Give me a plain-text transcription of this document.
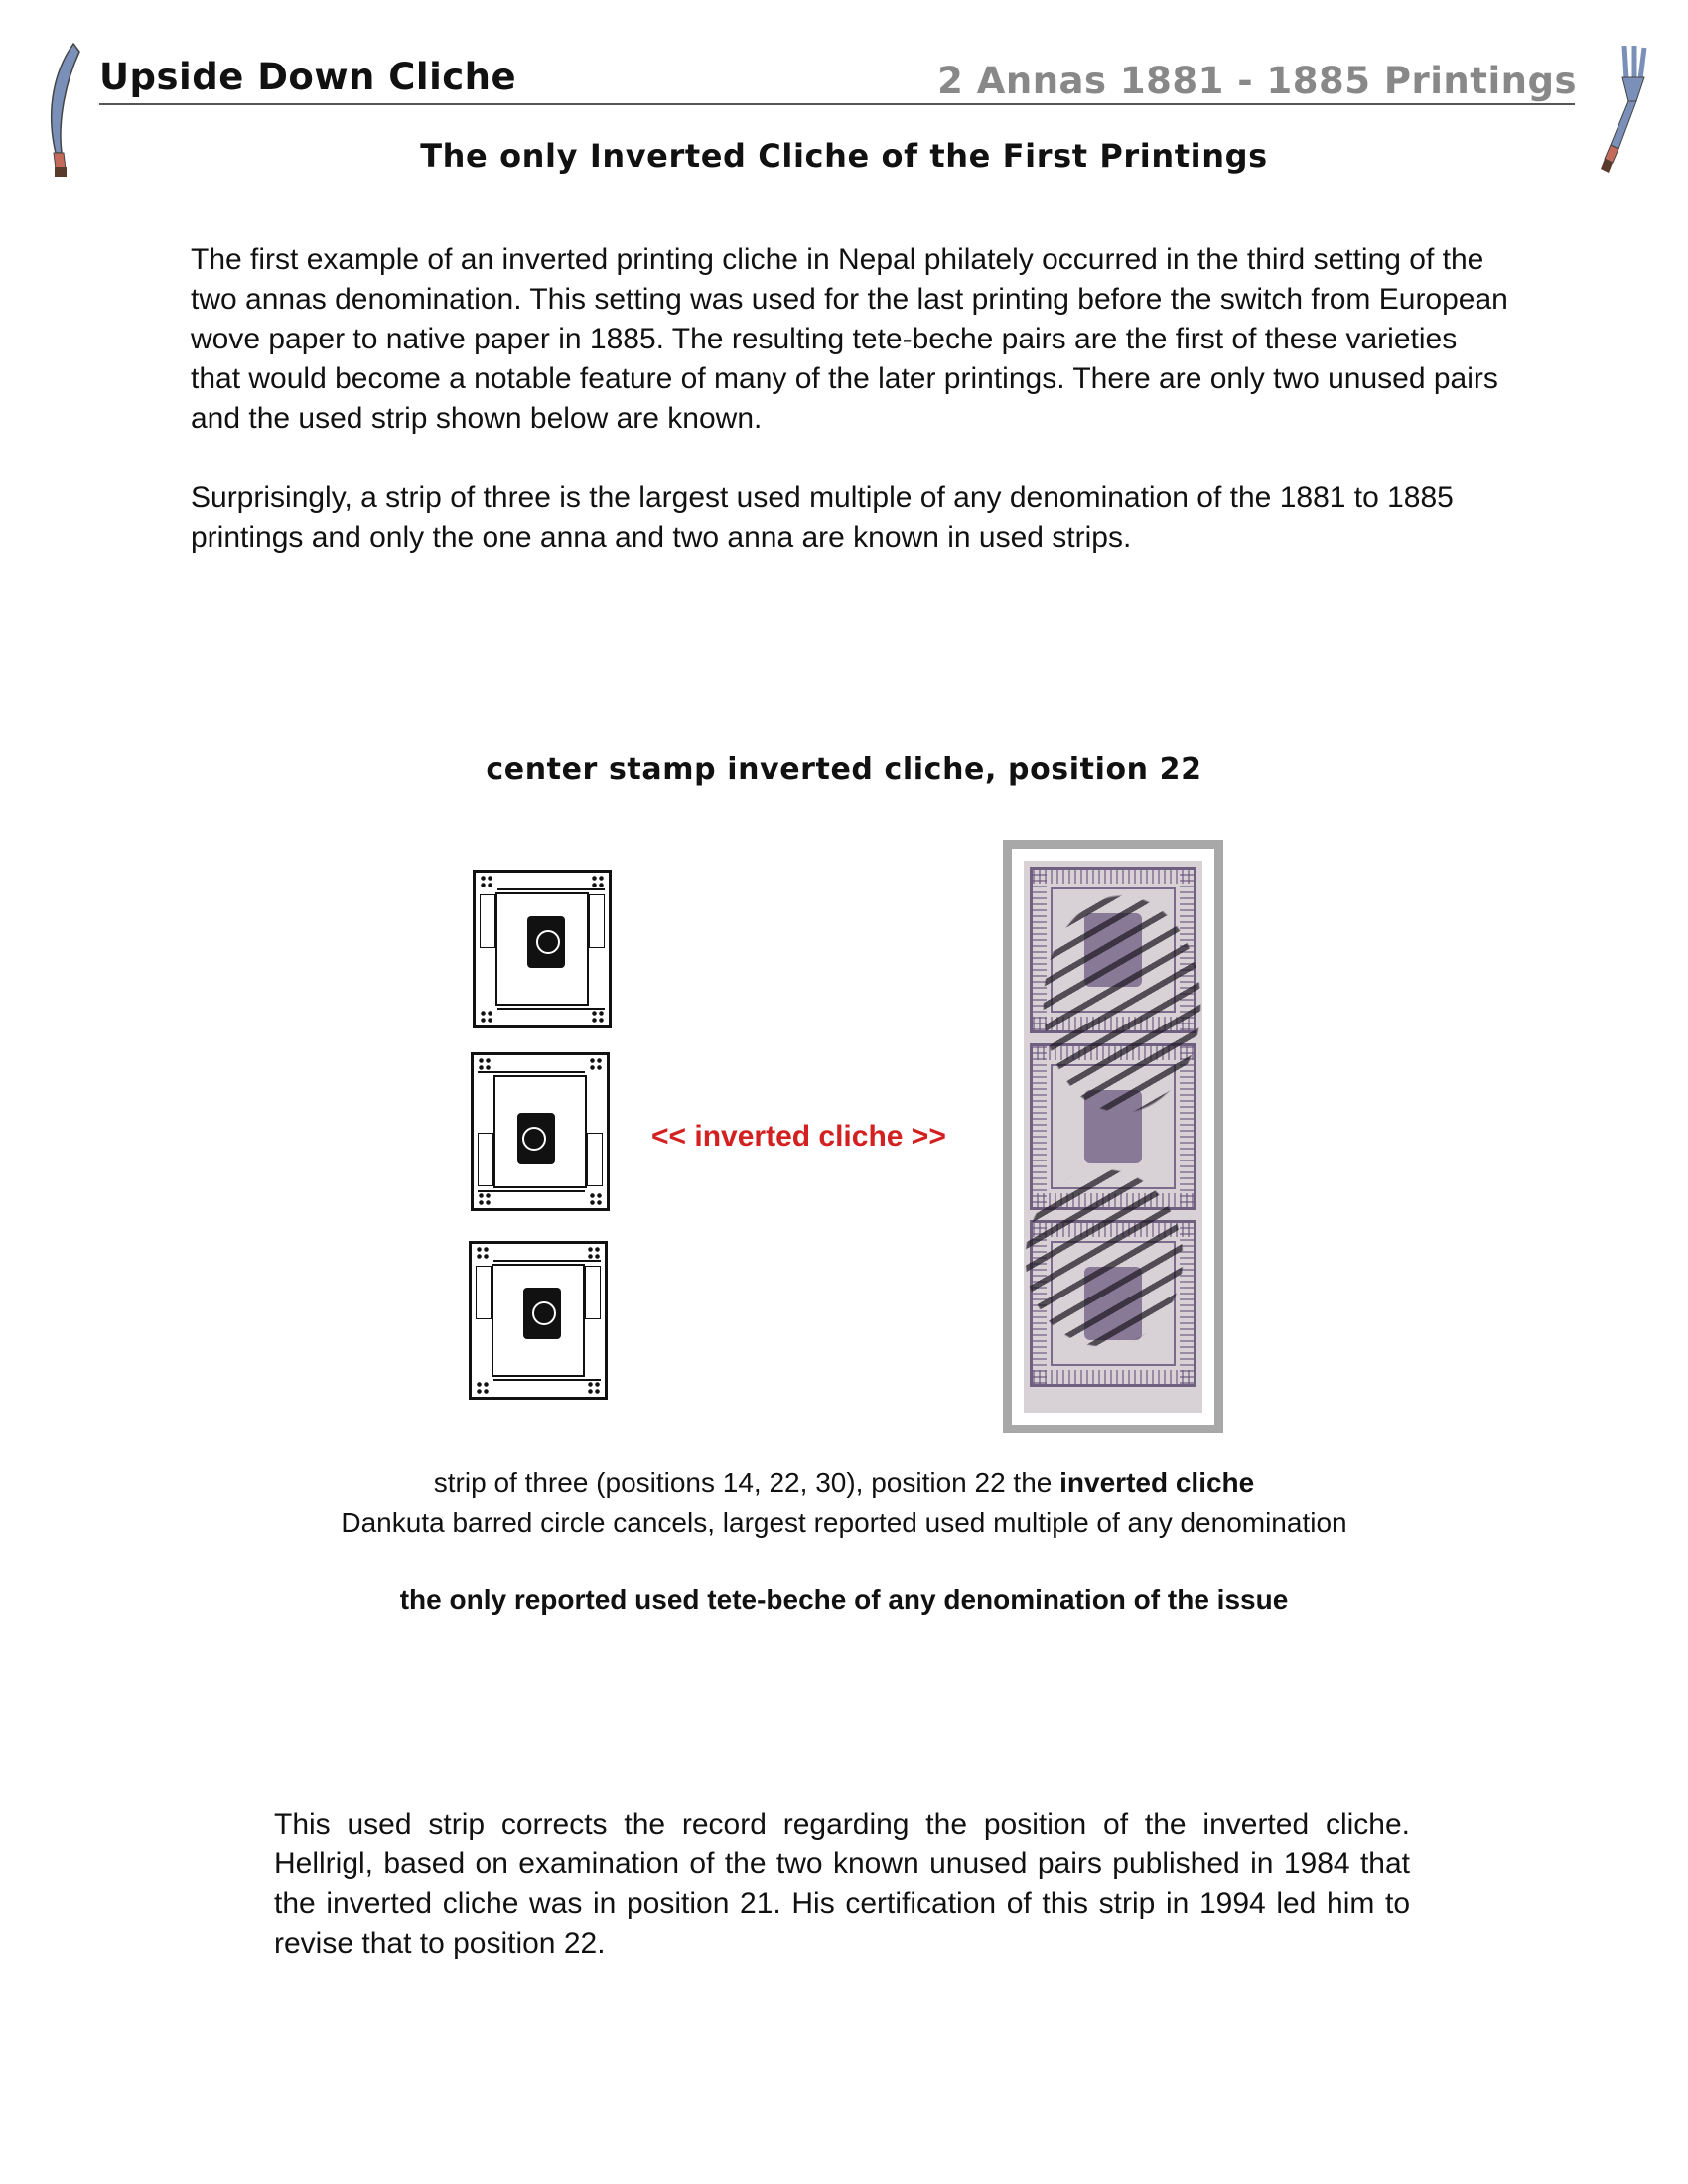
Upside Down Cliche	2 Annas 1881 - 1885 Printings
The only Inverted Cliche of the First Printings

The first example of an inverted printing cliche in Nepal philately occurred in the third setting of the two annas denomination. This setting was used for the last printing before the switch from European wove paper to native paper in 1885. The resulting tete-beche pairs are the first of these varieties that would become a notable feature of many of the later printings. There are only two unused pairs and the used strip shown below are known.

Surprisingly, a strip of three is the largest used multiple of any denomination of the 1881 to 1885 printings and only the one anna and two anna are known in used strips.

center stamp inverted cliche, position 22
<< inverted cliche >>
strip of three (positions 14, 22, 30), position 22 the inverted cliche
Dankuta barred circle cancels, largest reported used multiple of any denomination
the only reported used tete-beche of any denomination of the issue

This used strip corrects the record regarding the position of the inverted cliche. Hellrigl, based on examination of the two known unused pairs published in 1984 that the inverted cliche was in position 21. His certification of this strip in 1994 led him to revise that to position 22.
